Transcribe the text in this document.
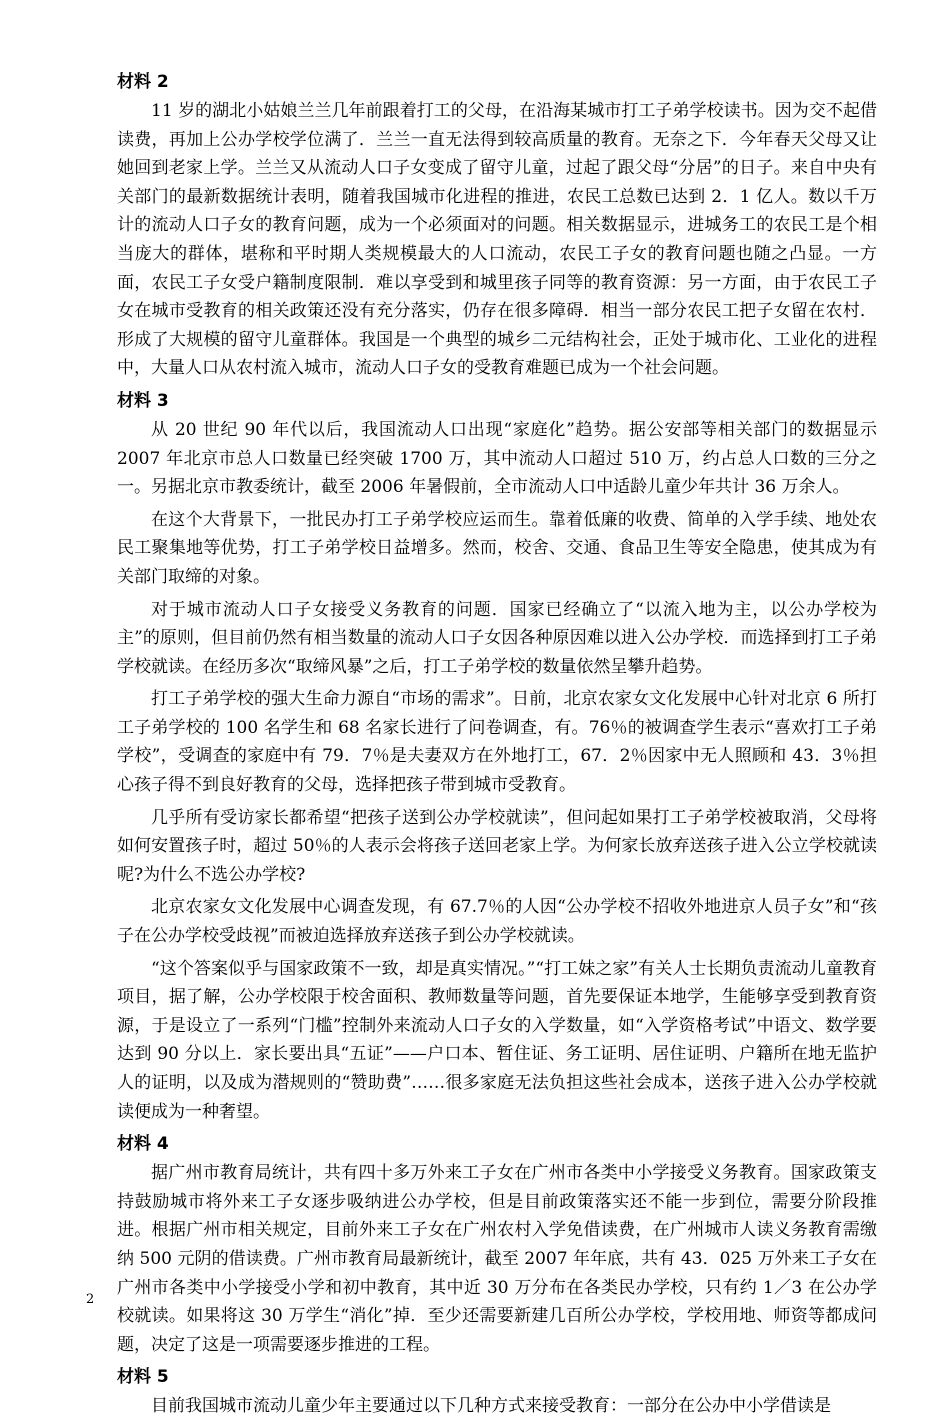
材料 2

11 岁的湖北小姑娘兰兰几年前跟着打工的父母，在沿海某城市打工子弟学校读书。因为交不起借读费，再加上公办学校学位满了．兰兰一直无法得到较高质量的教育。无奈之下．今年春天父母又让她回到老家上学。兰兰又从流动人口子女变成了留守儿童，过起了跟父母“分居”的日子。来自中央有关部门的最新数据统计表明，随着我国城市化进程的推进，农民工总数已达到 2．1 亿人。数以千万计的流动人口子女的教育问题，成为一个必须面对的问题。相关数据显示，进城务工的农民工是个相当庞大的群体，堪称和平时期人类规模最大的人口流动，农民工子女的教育问题也随之凸显。一方面，农民工子女受户籍制度限制．难以享受到和城里孩子同等的教育资源：另一方面，由于农民工子女在城市受教育的相关政策还没有充分落实，仍存在很多障碍．相当一部分农民工把子女留在农村．形成了大规模的留守儿童群体。我国是一个典型的城乡二元结构社会，正处于城市化、工业化的进程中，大量人口从农村流入城市，流动人口子女的受教育难题已成为一个社会问题。

材料 3

从 20 世纪 90 年代以后，我国流动人口出现“家庭化”趋势。据公安部等相关部门的数据显示 2007 年北京市总人口数量已经突破 1700 万，其中流动人口超过 510 万，约占总人口数的三分之一。另据北京市教委统计，截至 2006 年暑假前，全市流动人口中适龄儿童少年共计 36 万余人。

在这个大背景下，一批民办打工子弟学校应运而生。靠着低廉的收费、简单的入学手续、地处农民工聚集地等优势，打工子弟学校日益增多。然而，校舍、交通、食品卫生等安全隐患，使其成为有关部门取缔的对象。

对于城市流动人口子女接受义务教育的问题．国家已经确立了“以流入地为主，以公办学校为主”的原则，但目前仍然有相当数量的流动人口子女因各种原因难以进入公办学校．而选择到打工子弟学校就读。在经历多次“取缔风暴”之后，打工子弟学校的数量依然呈攀升趋势。

打工子弟学校的强大生命力源自“市场的需求”。日前，北京农家女文化发展中心针对北京 6 所打工子弟学校的 100 名学生和 68 名家长进行了问卷调查，有。76％的被调查学生表示“喜欢打工子弟学校”，受调查的家庭中有 79．7％是夫妻双方在外地打工，67．2％因家中无人照顾和 43．3％担心孩子得不到良好教育的父母，选择把孩子带到城市受教育。

几乎所有受访家长都希望“把孩子送到公办学校就读”，但问起如果打工子弟学校被取消，父母将如何安置孩子时，超过 50％的人表示会将孩子送回老家上学。为何家长放弃送孩子进入公立学校就读呢?为什么不选公办学校?

北京农家女文化发展中心调查发现，有 67.7％的人因“公办学校不招收外地进京人员子女”和“孩子在公办学校受歧视”而被迫选择放弃送孩子到公办学校就读。

“这个答案似乎与国家政策不一致，却是真实情况。”“打工妹之家”有关人士长期负责流动儿童教育项目，据了解，公办学校限于校舍面积、教师数量等问题，首先要保证本地学，生能够享受到教育资源，于是设立了一系列“门槛”控制外来流动人口子女的入学数量，如“入学资格考试”中语文、数学要达到 90 分以上．家长要出具“五证”——户口本、暂住证、务工证明、居住证明、户籍所在地无监护人的证明，以及成为潜规则的“赞助费”……很多家庭无法负担这些社会成本，送孩子进入公办学校就读便成为一种奢望。

材料 4

据广州市教育局统计，共有四十多万外来工子女在广州市各类中小学接受义务教育。国家政策支持鼓励城市将外来工子女逐步吸纳进公办学校，但是目前政策落实还不能一步到位，需要分阶段推进。根据广州市相关规定，目前外来工子女在广州农村入学免借读费，在广州城市人读义务教育需缴纳 500 元阴的借读费。广州市教育局最新统计，截至 2007 年年底，共有 43．025 万外来工子女在广州市各类中小学接受小学和初中教育，其中近 30 万分布在各类民办学校，只有约 1／3 在公办学校就读。如果将这 30 万学生“消化”掉．至少还需要新建几百所公办学校，学校用地、师资等都成问题，决定了这是一项需要逐步推进的工程。

材料 5

目前我国城市流动儿童少年主要通过以下几种方式来接受教育：一部分在公办中小学借读是

2
